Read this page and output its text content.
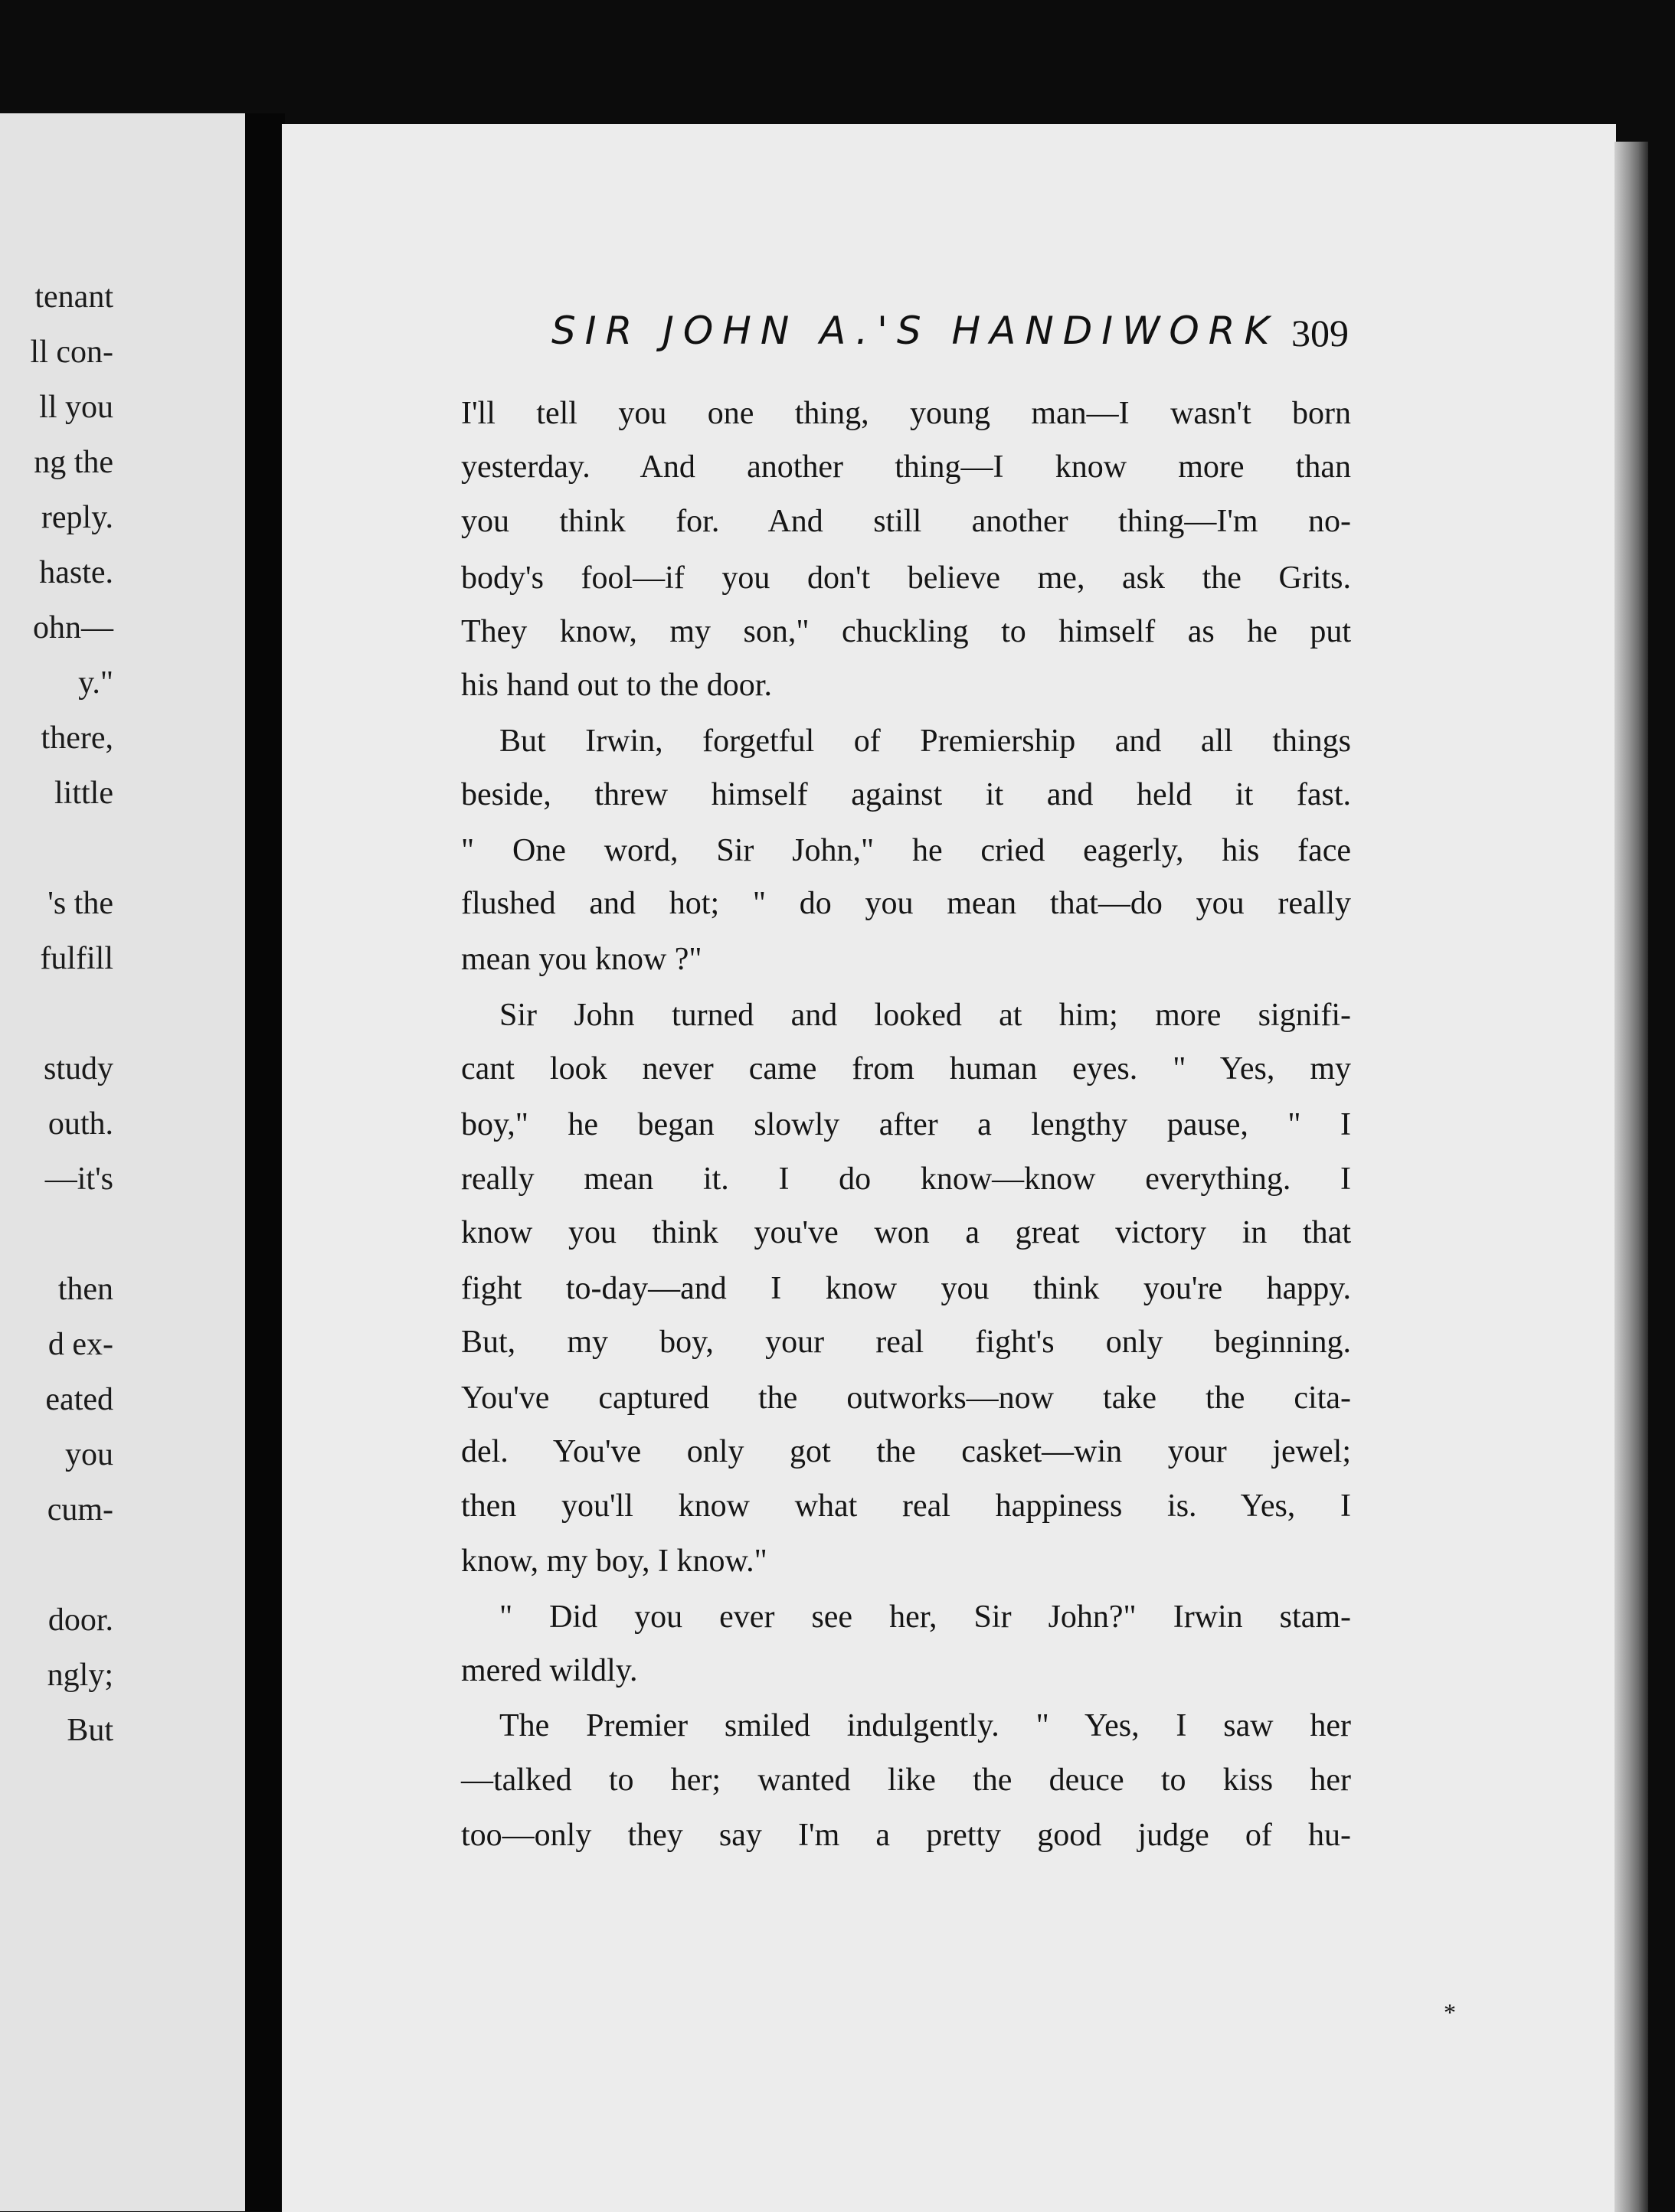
tenant
ll con-
ll you
ng the
reply.
haste.
ohn—
y."
there,
little
's the
fulfill
study
outh.
—it's
then
d ex-
eated
you
cum-
door.
ngly;
But
SIR JOHN A.'S HANDIWORK 309
I'll tell you one thing, young man—I wasn't born
yesterday. And another thing—I know more than
you think for. And still another thing—I'm no-
body's fool—if you don't believe me, ask the Grits.
They know, my son," chuckling to himself as he put
his hand out to the door.
But Irwin, forgetful of Premiership and all things
beside, threw himself against it and held it fast.
" One word, Sir John," he cried eagerly, his face
flushed and hot; " do you mean that—do you really
mean you know ?"
Sir John turned and looked at him; more signifi-
cant look never came from human eyes. " Yes, my
boy," he began slowly after a lengthy pause, " I
really mean it. I do know—know everything. I
know you think you've won a great victory in that
fight to-day—and I know you think you're happy.
But, my boy, your real fight's only beginning.
You've captured the outworks—now take the cita-
del. You've only got the casket—win your jewel;
then you'll know what real happiness is. Yes, I
know, my boy, I know."
" Did you ever see her, Sir John?" Irwin stam-
mered wildly.
The Premier smiled indulgently. " Yes, I saw her
—talked to her; wanted like the deuce to kiss her
too—only they say I'm a pretty good judge of hu-
*
